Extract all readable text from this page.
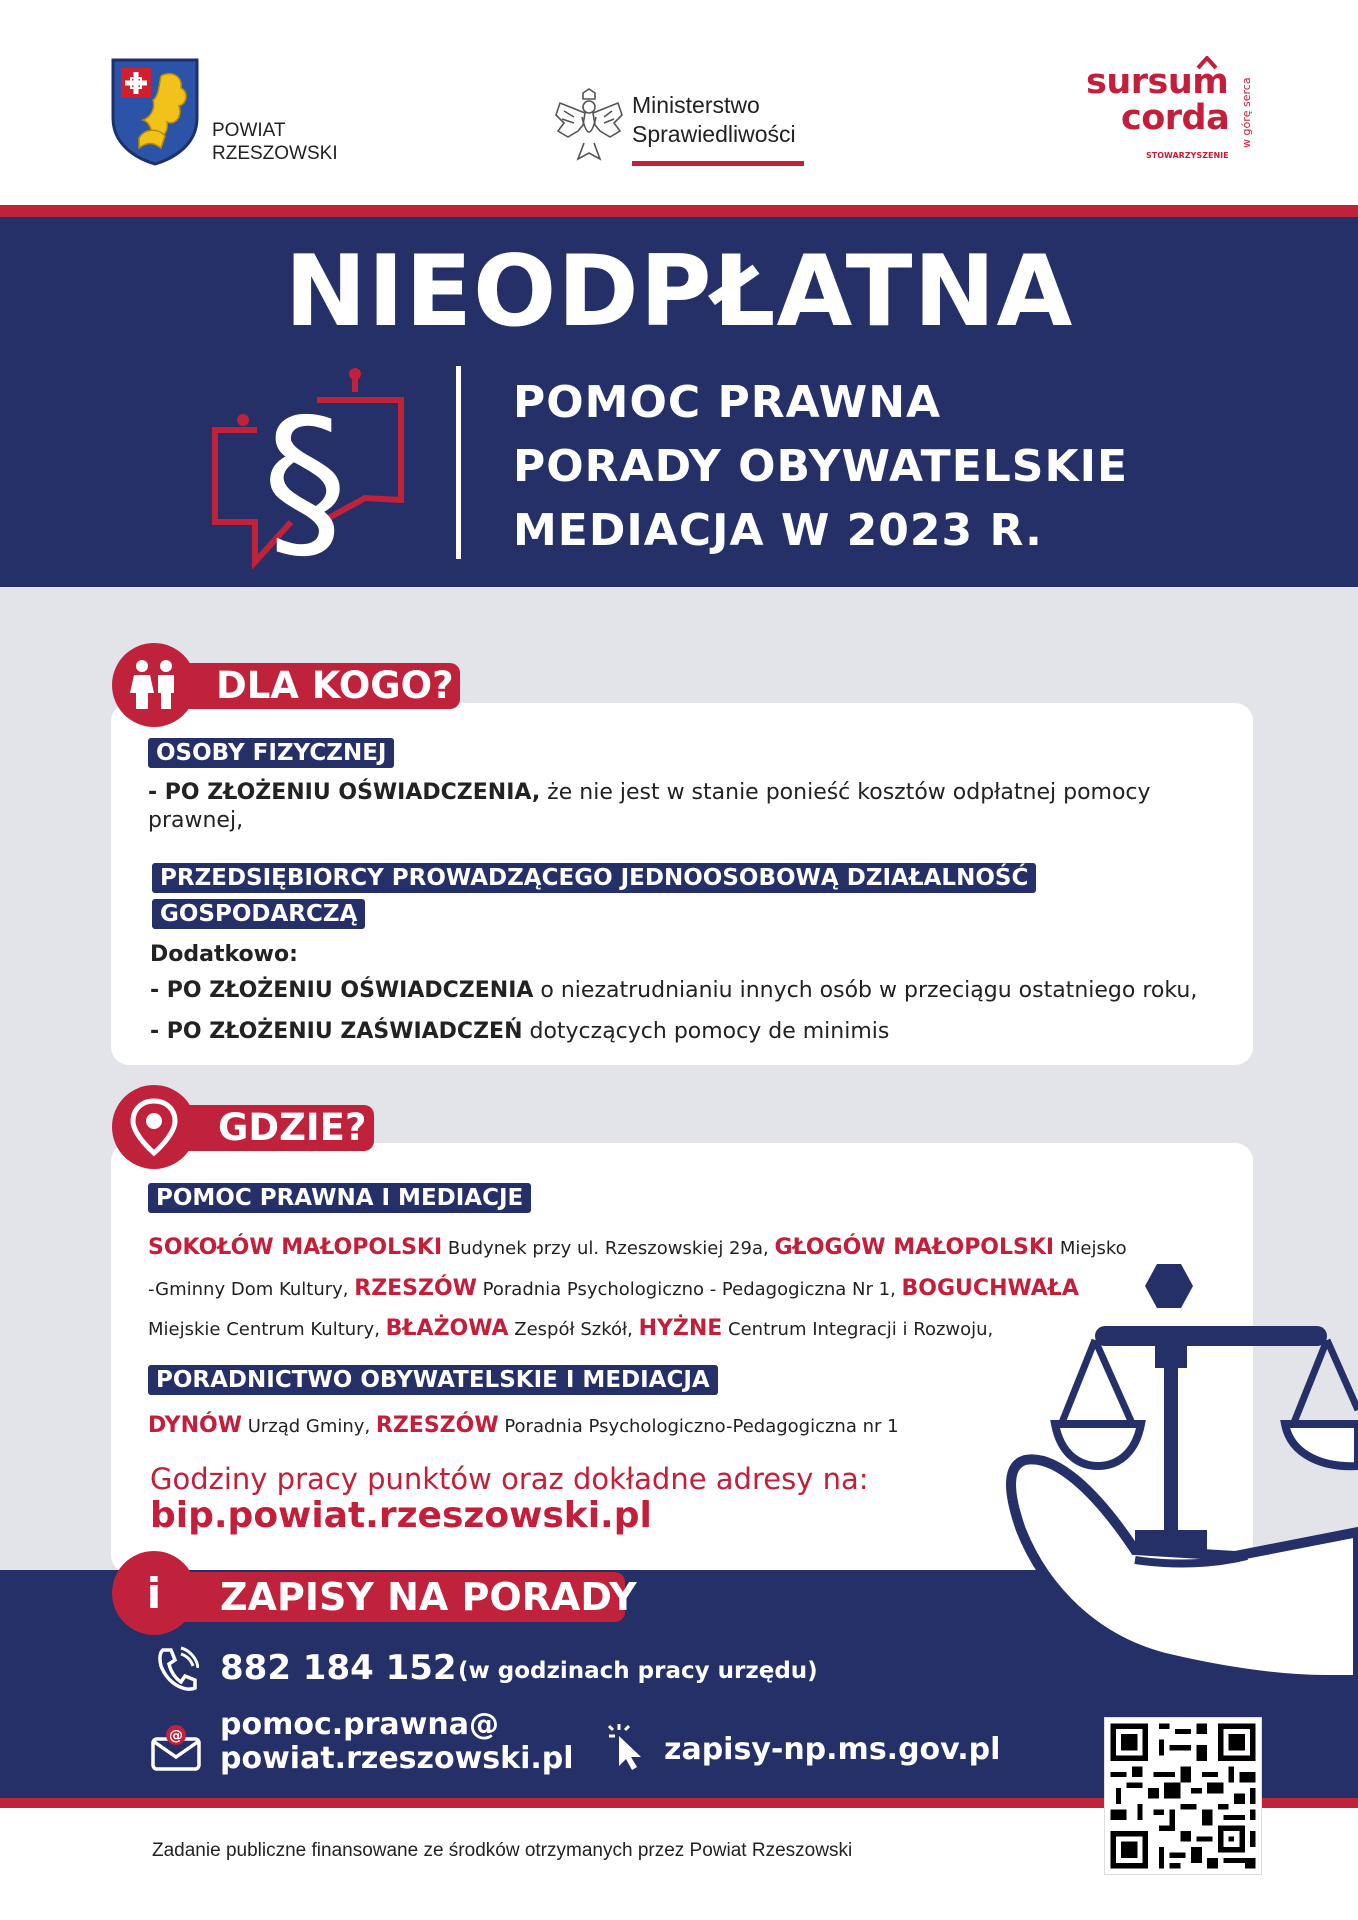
POWIAT
RZESZOWSKI
Ministerstwo
Sprawiedliwości
sursum
corda
STOWARZYSZENIE
w górę serca
NIEODPŁATNA
§	POMOC PRAWNA
PORADY OBYWATELSKIE
MEDIACJA W 2023 R.
DLA KOGO?
OSOBY FIZYCZNEJ
- PO ZŁOŻENIU OŚWIADCZENIA, że nie jest w stanie ponieść kosztów odpłatnej pomocy prawnej,
PRZEDSIĘBIORCY PROWADZĄCEGO JEDNOOSOBOWĄ DZIAŁALNOŚĆ
GOSPODARCZĄ
Dodatkowo:
- PO ZŁOŻENIU OŚWIADCZENIA o niezatrudnianiu innych osób w przeciągu ostatniego roku,
- PO ZŁOŻENIU ZAŚWIADCZEŃ dotyczących pomocy de minimis
GDZIE?
POMOC PRAWNA I MEDIACJE
SOKOŁÓW MAŁOPOLSKI Budynek przy ul. Rzeszowskiej 29a, GŁOGÓW MAŁOPOLSKI Miejsko
-Gminny Dom Kultury, RZESZÓW Poradnia Psychologiczno - Pedagogiczna Nr 1, BOGUCHWAŁA
Miejskie Centrum Kultury, BŁAŻOWA Zespół Szkół, HYŻNE Centrum Integracji i Rozwoju,
PORADNICTWO OBYWATELSKIE I MEDIACJA
DYNÓW Urząd Gminy, RZESZÓW Poradnia Psychologiczno-Pedagogiczna nr 1
Godziny pracy punktów oraz dokładne adresy na:
bip.powiat.rzeszowski.pl
ZAPISY NA PORADY
i
882 184 152 (w godzinach pracy urzędu)
@ pomoc.prawna@
powiat.rzeszowski.pl	zapisy-np.ms.gov.pl
Zadanie publiczne finansowane ze środków otrzymanych przez Powiat Rzeszowski
